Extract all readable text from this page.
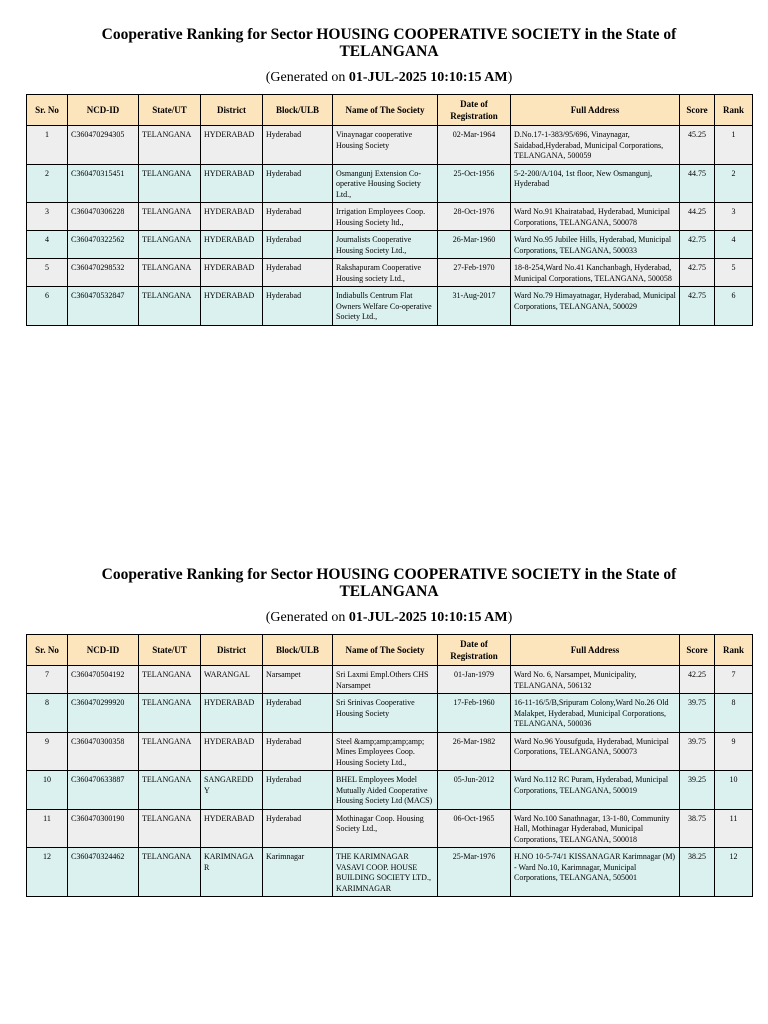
Cooperative Ranking for Sector HOUSING COOPERATIVE SOCIETY in the State of TELANGANA
(Generated on 01-JUL-2025 10:10:15 AM)
Sr. No	NCD-ID	State/UT	District	Block/ULB	Name of The Society	Date of Registration	Full Address	Score	Rank
1	C360470294305	TELANGANA	HYDERABAD	Hyderabad	Vinaynagar cooperative Housing Society	02-Mar-1964	D.No.17-1-383/95/696, Vinaynagar, Saidabad,Hyderabad, Municipal Corporations, TELANGANA, 500059	45.25	1
2	C360470315451	TELANGANA	HYDERABAD	Hyderabad	Osmangunj Extension Co-operative Housing Society Ltd.,	25-Oct-1956	5-2-200/A/104, 1st floor, New Osmangunj, Hyderabad	44.75	2
3	C360470306228	TELANGANA	HYDERABAD	Hyderabad	Irrigation Employees Coop. Housing Society ltd.,	28-Oct-1976	Ward No.91 Khairatabad, Hyderabad, Municipal Corporations, TELANGANA, 500078	44.25	3
4	C360470322562	TELANGANA	HYDERABAD	Hyderabad	Journalists Cooperative Housing Society Ltd.,	26-Mar-1960	Ward No.95 Jubilee Hills, Hyderabad, Municipal Corporations, TELANGANA, 500033	42.75	4
5	C360470298532	TELANGANA	HYDERABAD	Hyderabad	Rakshapuram Cooperative Housing society Ltd.,	27-Feb-1970	18-8-254,Ward No.41 Kanchanbagh, Hyderabad, Municipal Corporations, TELANGANA, 500058	42.75	5
6	C360470532847	TELANGANA	HYDERABAD	Hyderabad	Indiabulls Centrum Flat Owners Welfare Co-operative Society Ltd.,	31-Aug-2017	Ward No.79 Himayatnagar, Hyderabad, Municipal Corporations, TELANGANA, 500029	42.75	6
Cooperative Ranking for Sector HOUSING COOPERATIVE SOCIETY in the State of TELANGANA
(Generated on 01-JUL-2025 10:10:15 AM)
Sr. No	NCD-ID	State/UT	District	Block/ULB	Name of The Society	Date of Registration	Full Address	Score	Rank
7	C360470504192	TELANGANA	WARANGAL	Narsampet	Sri Laxmi Empl.Others CHS Narsampet	01-Jan-1979	Ward No. 6, Narsampet, Municipality, TELANGANA, 506132	42.25	7
8	C360470299920	TELANGANA	HYDERABAD	Hyderabad	Sri Srinivas Cooperative Housing Society	17-Feb-1960	16-11-16/5/B,Sripuram Colony,Ward No.26 Old Malakpet, Hyderabad, Municipal Corporations, TELANGANA, 500036	39.75	8
9	C360470300358	TELANGANA	HYDERABAD	Hyderabad	Steel &amp;amp;amp;amp; Mines Employees Coop. Housing Society Ltd.,	26-Mar-1982	Ward No.96 Yousufguda, Hyderabad, Municipal Corporations, TELANGANA, 500073	39.75	9
10	C360470633887	TELANGANA	SANGAREDDY	Hyderabad	BHEL Employees Model Mutually Aided Cooperative Housing Society Ltd (MACS)	05-Jun-2012	Ward No.112 RC Puram, Hyderabad, Municipal Corporations, TELANGANA, 500019	39.25	10
11	C360470300190	TELANGANA	HYDERABAD	Hyderabad	Mothinagar Coop. Housing Society Ltd.,	06-Oct-1965	Ward No.100 Sanathnagar, 13-1-80, Community Hall, Mothinagar Hyderabad, Municipal Corporations, TELANGANA, 500018	38.75	11
12	C360470324462	TELANGANA	KARIMNAGAR	Karimnagar	THE KARIMNAGAR VASAVI COOP. HOUSE BUILDING SOCIETY LTD., KARIMNAGAR	25-Mar-1976	H.NO 10-5-74/1 KISSANAGAR Karimnagar (M) - Ward No.10, Karimnagar, Municipal Corporations, TELANGANA, 505001	38.25	12
